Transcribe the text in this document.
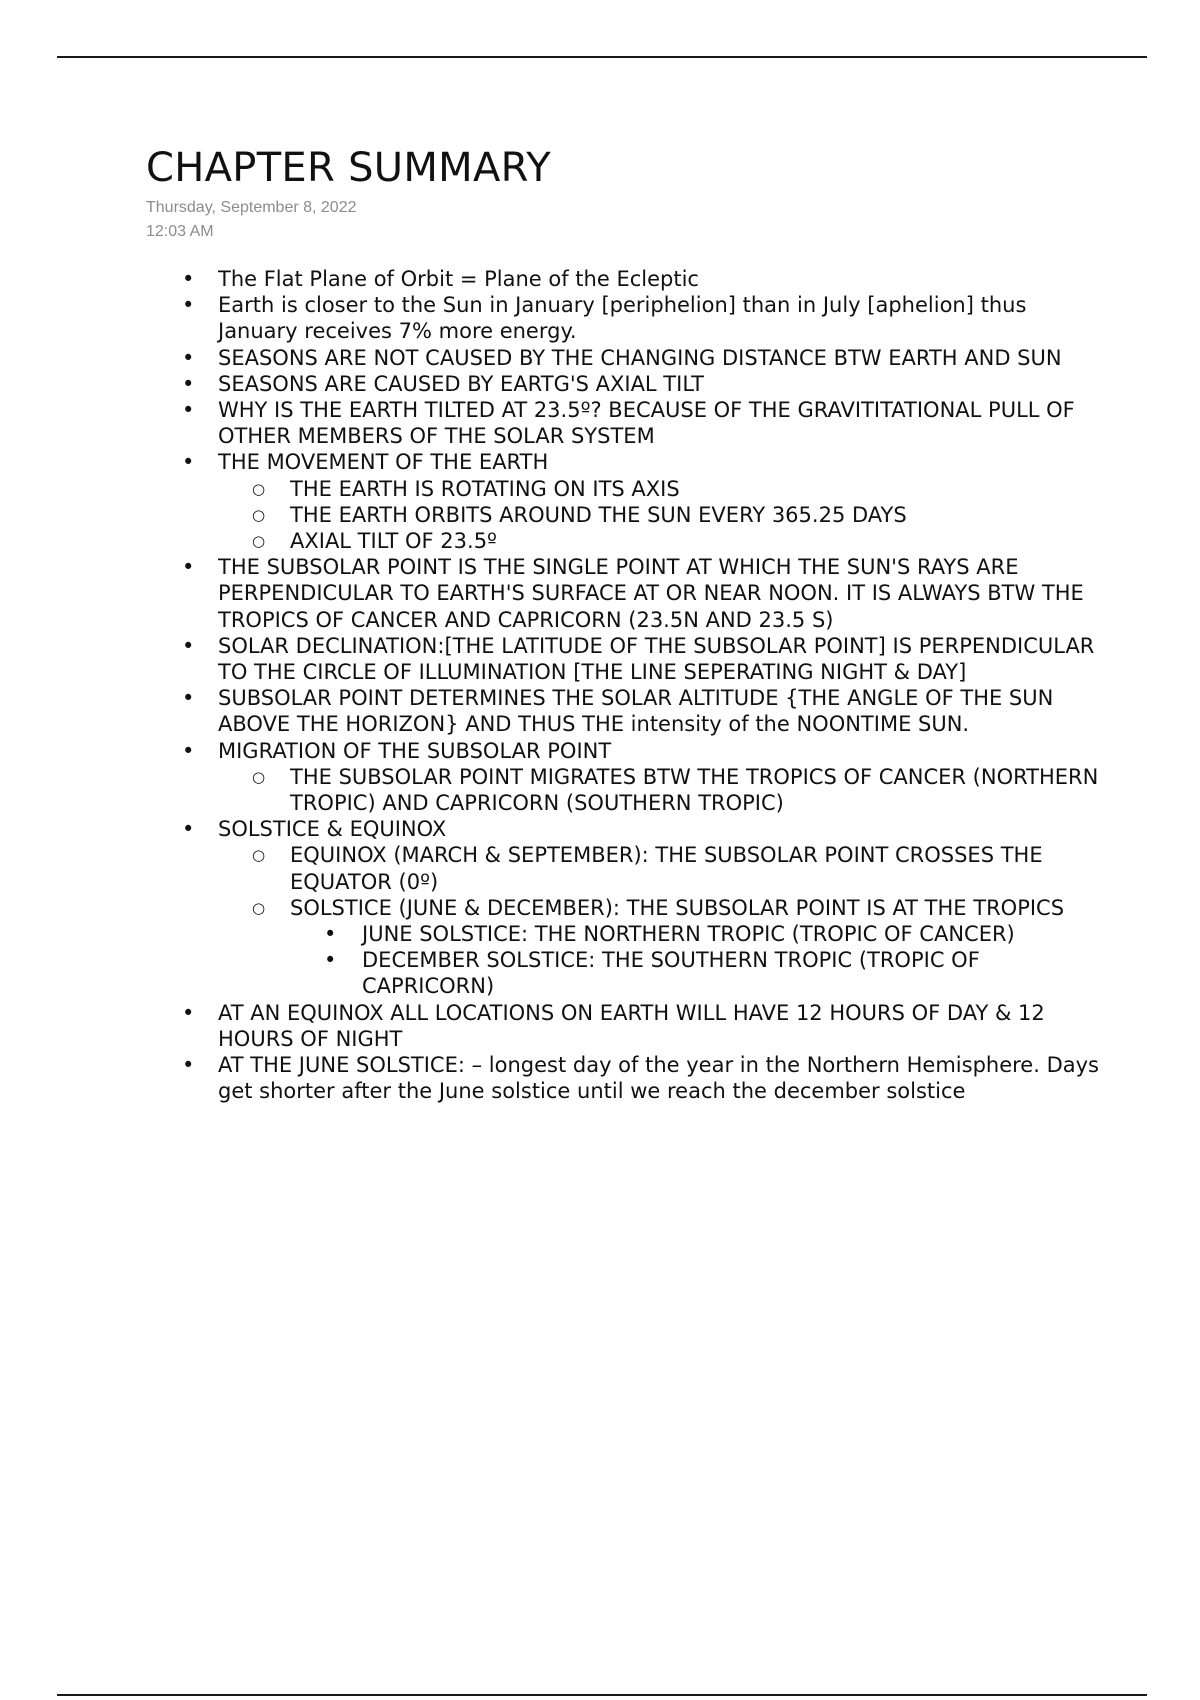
CHAPTER SUMMARY
Thursday, September 8, 2022
12:03 AM
• The Flat Plane of Orbit = Plane of the Ecleptic
• Earth is closer to the Sun in January [periphelion] than in July [aphelion] thus January receives 7% more energy.
• SEASONS ARE NOT CAUSED BY THE CHANGING DISTANCE BTW EARTH AND SUN
• SEASONS ARE CAUSED BY EARTG'S AXIAL TILT
• WHY IS THE EARTH TILTED AT 23.5º? BECAUSE OF THE GRAVITITATIONAL PULL OF OTHER MEMBERS OF THE SOLAR SYSTEM
• THE MOVEMENT OF THE EARTH
○ THE EARTH IS ROTATING ON ITS AXIS
○ THE EARTH ORBITS AROUND THE SUN EVERY 365.25 DAYS
○ AXIAL TILT OF 23.5º
• THE SUBSOLAR POINT IS THE SINGLE POINT AT WHICH THE SUN'S RAYS ARE PERPENDICULAR TO EARTH'S SURFACE AT OR NEAR NOON. IT IS ALWAYS BTW THE TROPICS OF CANCER AND CAPRICORN (23.5N AND 23.5 S)
• SOLAR DECLINATION:[THE LATITUDE OF THE SUBSOLAR POINT] IS PERPENDICULAR TO THE CIRCLE OF ILLUMINATION [THE LINE SEPERATING NIGHT & DAY]
• SUBSOLAR POINT DETERMINES THE SOLAR ALTITUDE {THE ANGLE OF THE SUN ABOVE THE HORIZON} AND THUS THE intensity of the NOONTIME SUN.
• MIGRATION OF THE SUBSOLAR POINT
○ THE SUBSOLAR POINT MIGRATES BTW THE TROPICS OF CANCER (NORTHERN TROPIC) AND CAPRICORN (SOUTHERN TROPIC)
• SOLSTICE & EQUINOX
○ EQUINOX (MARCH & SEPTEMBER): THE SUBSOLAR POINT CROSSES THE EQUATOR (0º)
○ SOLSTICE (JUNE & DECEMBER): THE SUBSOLAR POINT IS AT THE TROPICS
• JUNE SOLSTICE: THE NORTHERN TROPIC (TROPIC OF CANCER)
• DECEMBER SOLSTICE: THE SOUTHERN TROPIC (TROPIC OF CAPRICORN)
• AT AN EQUINOX ALL LOCATIONS ON EARTH WILL HAVE 12 HOURS OF DAY & 12 HOURS OF NIGHT
• AT THE JUNE SOLSTICE: – longest day of the year in the Northern Hemisphere. Days get shorter after the June solstice until we reach the december solstice
